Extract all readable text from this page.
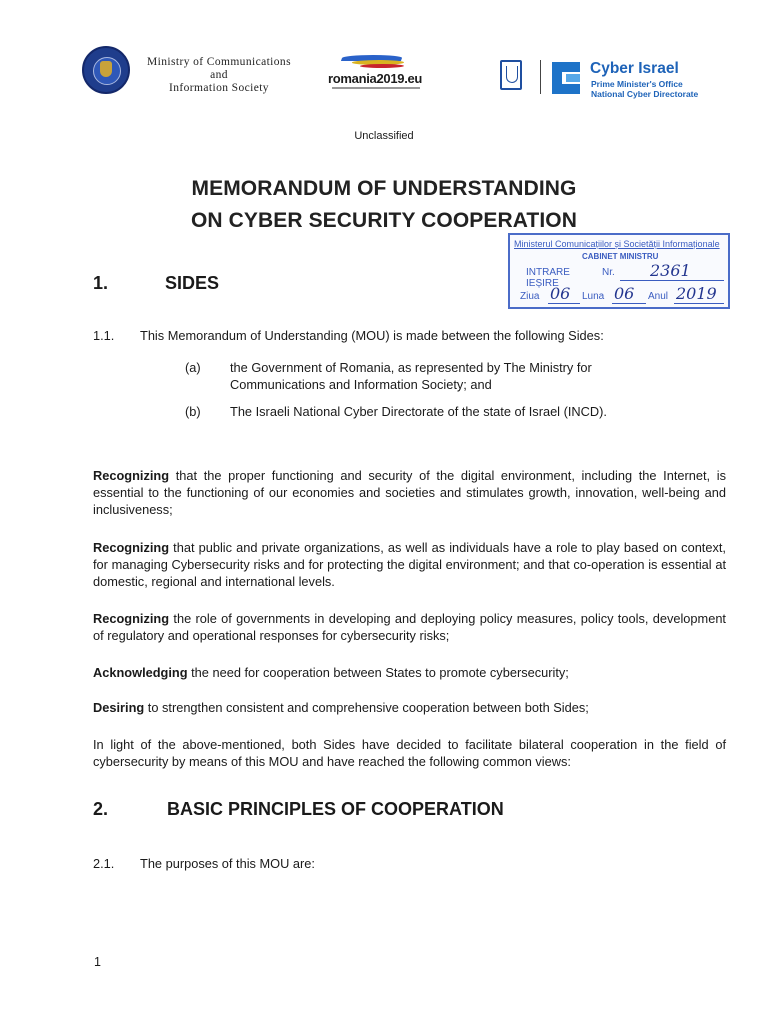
Ministry of Communications
and
Information Society
romania2019.eu
Cyber Israel
Prime Minister's Office
National Cyber Directorate
Unclassified
MEMORANDUM OF UNDERSTANDING
ON CYBER SECURITY COOPERATION
Ministerul Comunicațiilor și Societății Informaționale
CABINET MINISTRU
INTRARE
IEȘIRE
Nr. 2361
Ziua 06 Luna 06 Anul 2019
1.	SIDES
1.1. This Memorandum of Understanding (MOU) is made between the following Sides:
(a) the Government of Romania, as represented by The Ministry for Communications and Information Society; and
(b) The Israeli National Cyber Directorate of the state of Israel (INCD).
Recognizing that the proper functioning and security of the digital environment, including the Internet, is essential to the functioning of our economies and societies and stimulates growth, innovation, well-being and inclusiveness;
Recognizing that public and private organizations, as well as individuals have a role to play based on context, for managing Cybersecurity risks and for protecting the digital environment; and that co-operation is essential at domestic, regional and international levels.
Recognizing the role of governments in developing and deploying policy measures, policy tools, development of regulatory and operational responses for cybersecurity risks;
Acknowledging the need for cooperation between States to promote cybersecurity;
Desiring to strengthen consistent and comprehensive cooperation between both Sides;
In light of the above-mentioned, both Sides have decided to facilitate bilateral cooperation in the field of cybersecurity by means of this MOU and have reached the following common views:
2.	BASIC PRINCIPLES OF COOPERATION
2.1. The purposes of this MOU are:
1
